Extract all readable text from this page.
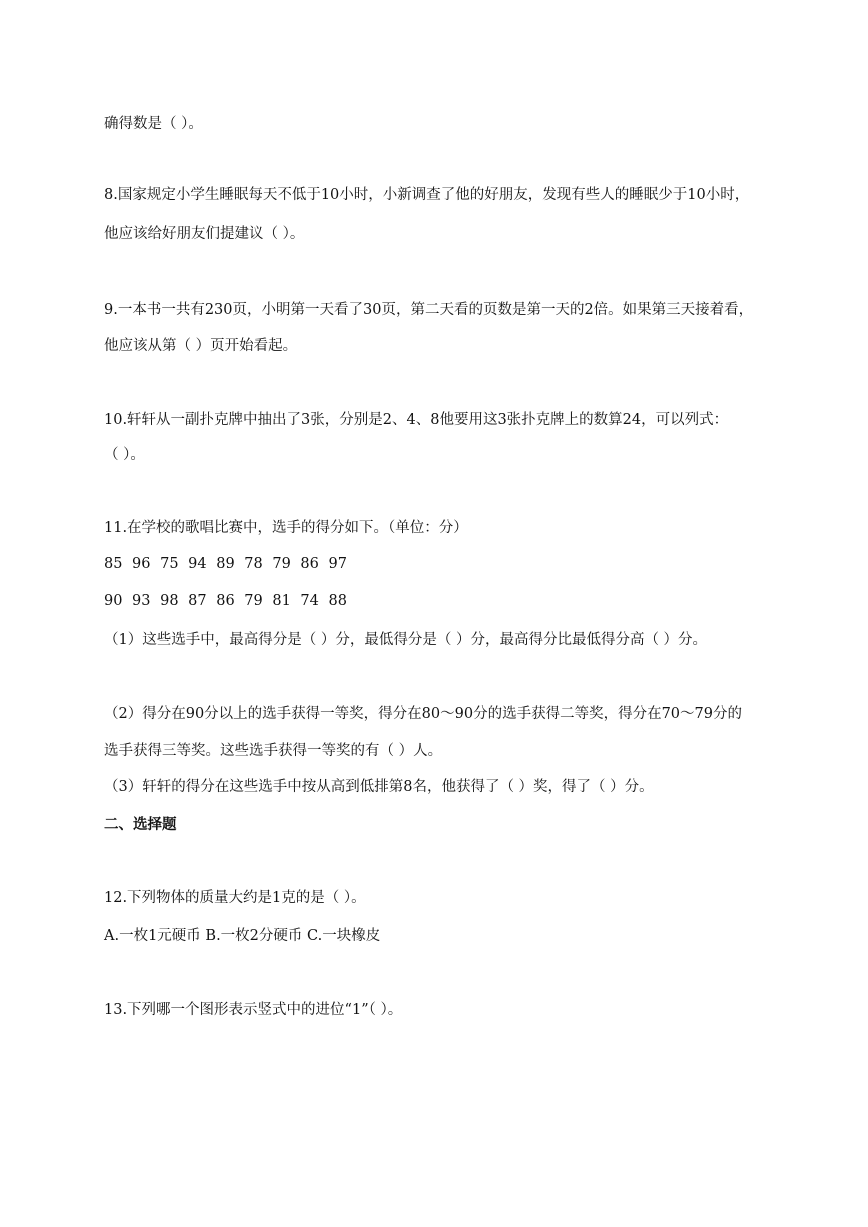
确得数是（ ）。
8.国家规定小学生睡眠每天不低于10小时，小新调查了他的好朋友，发现有些人的睡眠少于10小时，
他应该给好朋友们提建议（ ）。
9.一本书一共有230页，小明第一天看了30页，第二天看的页数是第一天的2倍。如果第三天接着看，
他应该从第（ ）页开始看起。
10.轩轩从一副扑克牌中抽出了3张，分别是2、4、8他要用这3张扑克牌上的数算24，可以列式：
（ ）。
11.在学校的歌唱比赛中，选手的得分如下。（单位：分）
85 96 75 94 89 78 79 86 97
90 93 98 87 86 79 81 74 88
（1）这些选手中，最高得分是（ ）分，最低得分是（ ）分，最高得分比最低得分高（ ）分。
（2）得分在90分以上的选手获得一等奖，得分在80～90分的选手获得二等奖，得分在70～79分的
选手获得三等奖。这些选手获得一等奖的有（ ）人。
（3）轩轩的得分在这些选手中按从高到低排第8名，他获得了（ ）奖，得了（ ）分。
二、选择题
12.下列物体的质量大约是1克的是（ ）。
A.一枚1元硬币 B.一枚2分硬币 C.一块橡皮
13.下列哪一个图形表示竖式中的进位“1”（ ）。
